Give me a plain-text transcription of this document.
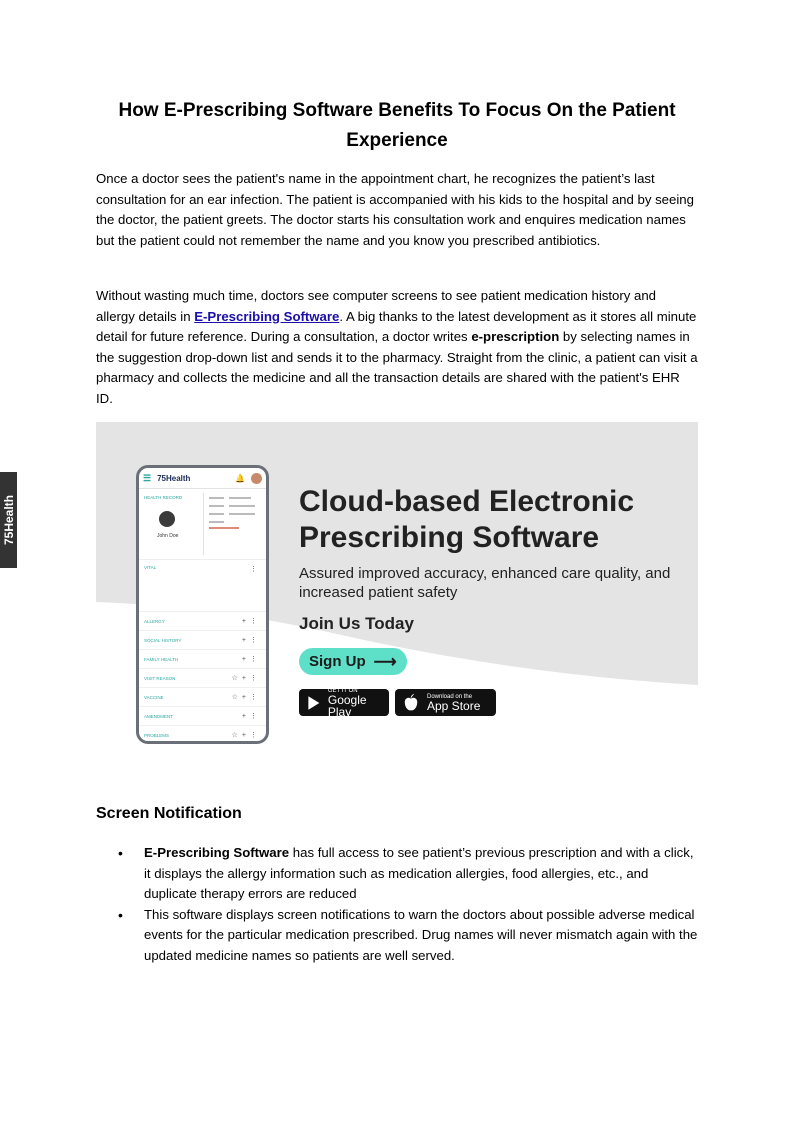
How E-Prescribing Software Benefits To Focus On the Patient Experience

Once a doctor sees the patient's name in the appointment chart, he recognizes the patient’s last consultation for an ear infection. The patient is accompanied with his kids to the hospital and by seeing the doctor, the patient greets. The doctor starts his consultation work and enquires medication names but the patient could not remember the name and you know you prescribed antibiotics.

Without wasting much time, doctors see computer screens to see patient medication history and allergy details in E-Prescribing Software. A big thanks to the latest development as it stores all minute detail for future reference. During a consultation, a doctor writes e-prescription by selecting names in the suggestion drop-down list and sends it to the pharmacy. Straight from the clinic, a patient can visit a pharmacy and collects the medicine and all the transaction details are shared with the patient's EHR ID.

75Health
☰ 75Health	🔔
HEALTH RECORD
John Doe
VITAL	⋮
ALLERGY	+⋮
SOCIAL HISTORY	+⋮
FAMILY HEALTH	+⋮
VISIT REASON	☆+⋮
VACCINE	☆+⋮
AMENDMENT	+⋮
PROBLEMS	☆+⋮
Cloud-based Electronic Prescribing Software

Assured improved accuracy, enhanced care quality, and increased patient safety

Join Us Today
Sign Up ⟶
GET IT ON
Google Play
Download on the
App Store
Screen Notification
• E-Prescribing Software has full access to see patient’s previous prescription and with a click, it displays the allergy information such as medication allergies, food allergies, etc., and duplicate therapy errors are reduced
• This software displays screen notifications to warn the doctors about possible adverse medical events for the particular medication prescribed. Drug names will never mismatch again with the updated medicine names so patients are well served.
